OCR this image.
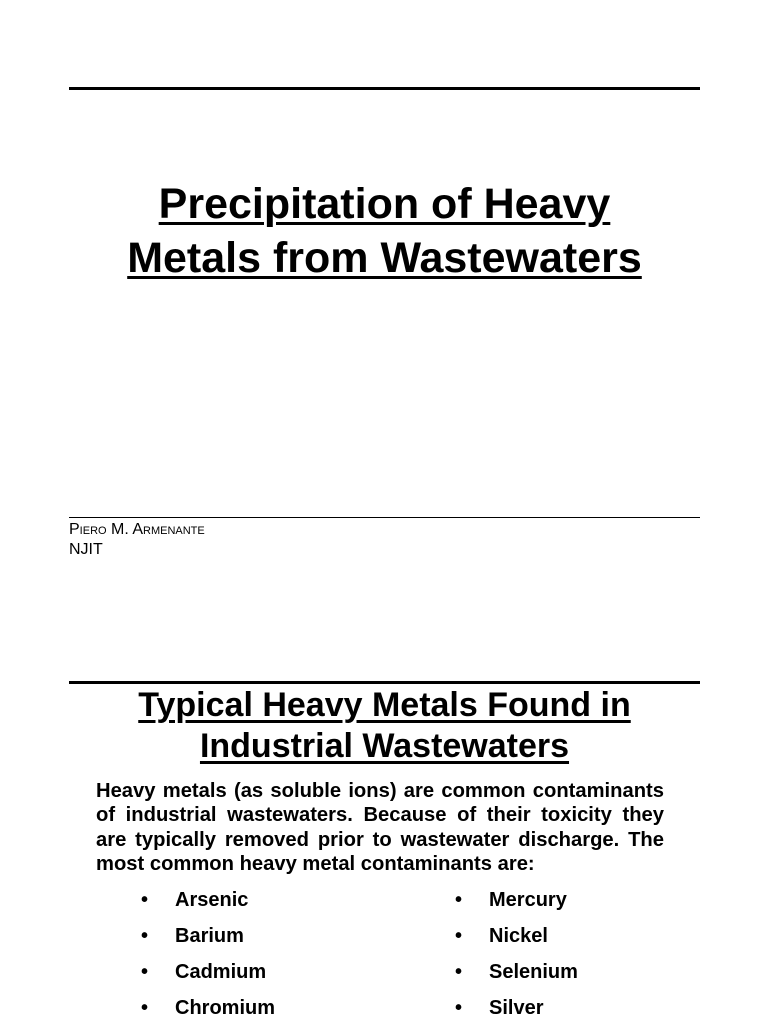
Precipitation of Heavy
Metals from Wastewaters
Piero M. Armenante
NJIT
Typical Heavy Metals Found in
Industrial Wastewaters
Heavy metals (as soluble ions) are common contaminants of industrial wastewaters. Because of their toxicity they are typically removed prior to wastewater discharge. The most common heavy metal contaminants are:
• Arsenic
• Barium
• Cadmium
• Chromium
• Mercury
• Nickel
• Selenium
• Silver
